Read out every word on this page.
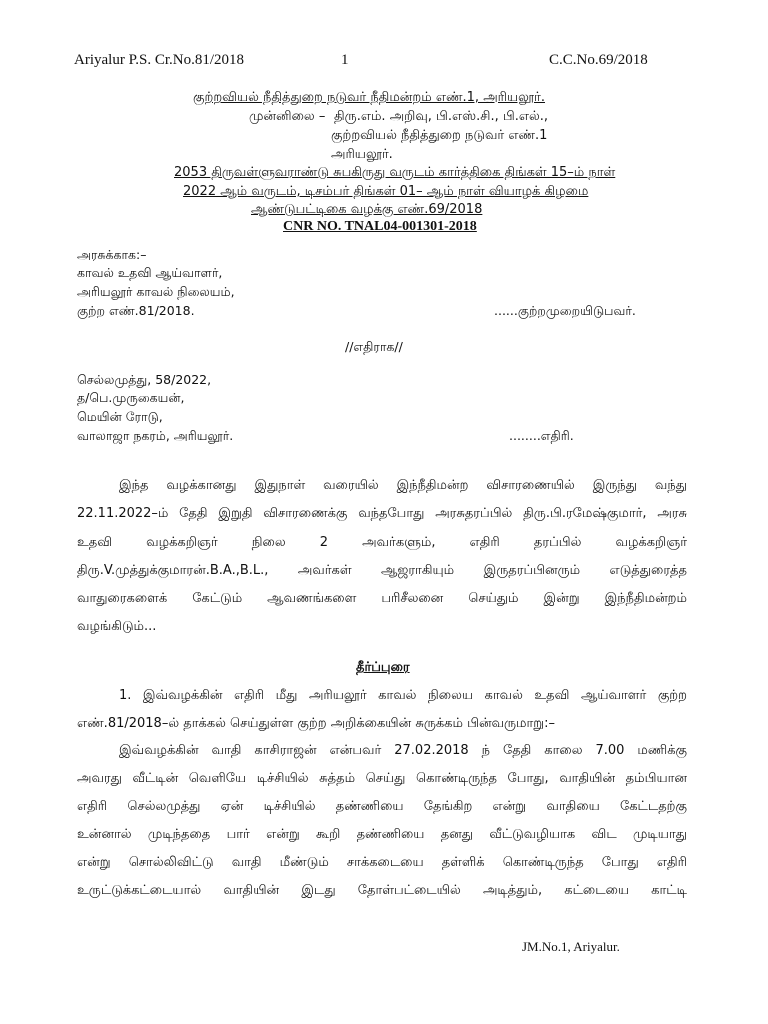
Ariyalur P.S. Cr.No.81/2018	1	C.C.No.69/2018
குற்றவியல் நீதித்துறை நடுவர் நீதிமன்றம் எண்.1, அரியலூர்.
முன்னிலை – திரு.எம். அறிவு, பி.எஸ்.சி., பி.எல்.,
குற்றவியல் நீதித்துறை நடுவர் எண்.1
அரியலூர்.
2053 திருவள்ளுவராண்டு சுபகிருது வருடம் கார்த்திகை திங்கள் 15–ம் நாள்
2022 ஆம் வருடம், டிசம்பர் திங்கள் 01– ஆம் நாள் வியாழக் கிழமை
ஆண்டுபட்டிகை வழக்கு எண்.69/2018
CNR NO. TNAL04-001301-2018
அரசுக்காக:–
காவல் உதவி ஆய்வாளர்,
அரியலூர் காவல் நிலையம்,
குற்ற எண்.81/2018.	......குற்றமுறையிடுபவர்.
//எதிராக//
செல்லமுத்து, 58/2022,
த/பெ.முருகையன்,
மெயின் ரோடு,
வாலாஜா நகரம், அரியலூர்.	........எதிரி.
இந்த வழக்கானது இதுநாள் வரையில் இந்நீதிமன்ற விசாரணையில் இருந்து வந்து
22.11.2022–ம் தேதி இறுதி விசாரணைக்கு வந்தபோது அரசுதரப்பில் திரு.பி.ரமேஷ்குமார், அரசு
உதவி வழக்கறிஞர் நிலை 2 அவர்களும், எதிரி தரப்பில் வழக்கறிஞர்
திரு.V.முத்துக்குமாரன்.B.A.,B.L., அவர்கள் ஆஜராகியும் இருதரப்பினரும் எடுத்துரைத்த
வாதுரைகளைக் கேட்டும் ஆவணங்களை பரிசீலனை செய்தும் இன்று இந்நீதிமன்றம்
வழங்கிடும்...
தீர்ப்புரை
1. இவ்வழக்கின் எதிரி மீது அரியலூர் காவல் நிலைய காவல் உதவி ஆய்வாளர் குற்ற
எண்.81/2018–ல் தாக்கல் செய்துள்ள குற்ற அறிக்கையின் சுருக்கம் பின்வருமாறு:–
இவ்வழக்கின் வாதி காசிராஜன் என்பவர் 27.02.2018 ந் தேதி காலை 7.00 மணிக்கு
அவரது வீட்டின் வெளியே டிச்சியில் சுத்தம் செய்து கொண்டிருந்த போது, வாதியின் தம்பியான
எதிரி செல்லமுத்து ஏன் டிச்சியில் தண்ணியை தேங்கிற என்று வாதியை கேட்டதற்கு
உன்னால் முடிந்ததை பார் என்று கூறி தண்ணியை தனது வீட்டுவழியாக விட முடியாது
என்று சொல்லிவிட்டு வாதி மீண்டும் சாக்கடையை தள்ளிக் கொண்டிருந்த போது எதிரி
உருட்டுக்கட்டையால் வாதியின் இடது தோள்பட்டையில் அடித்தும், கட்டையை காட்டி
JM.No.1, Ariyalur.
